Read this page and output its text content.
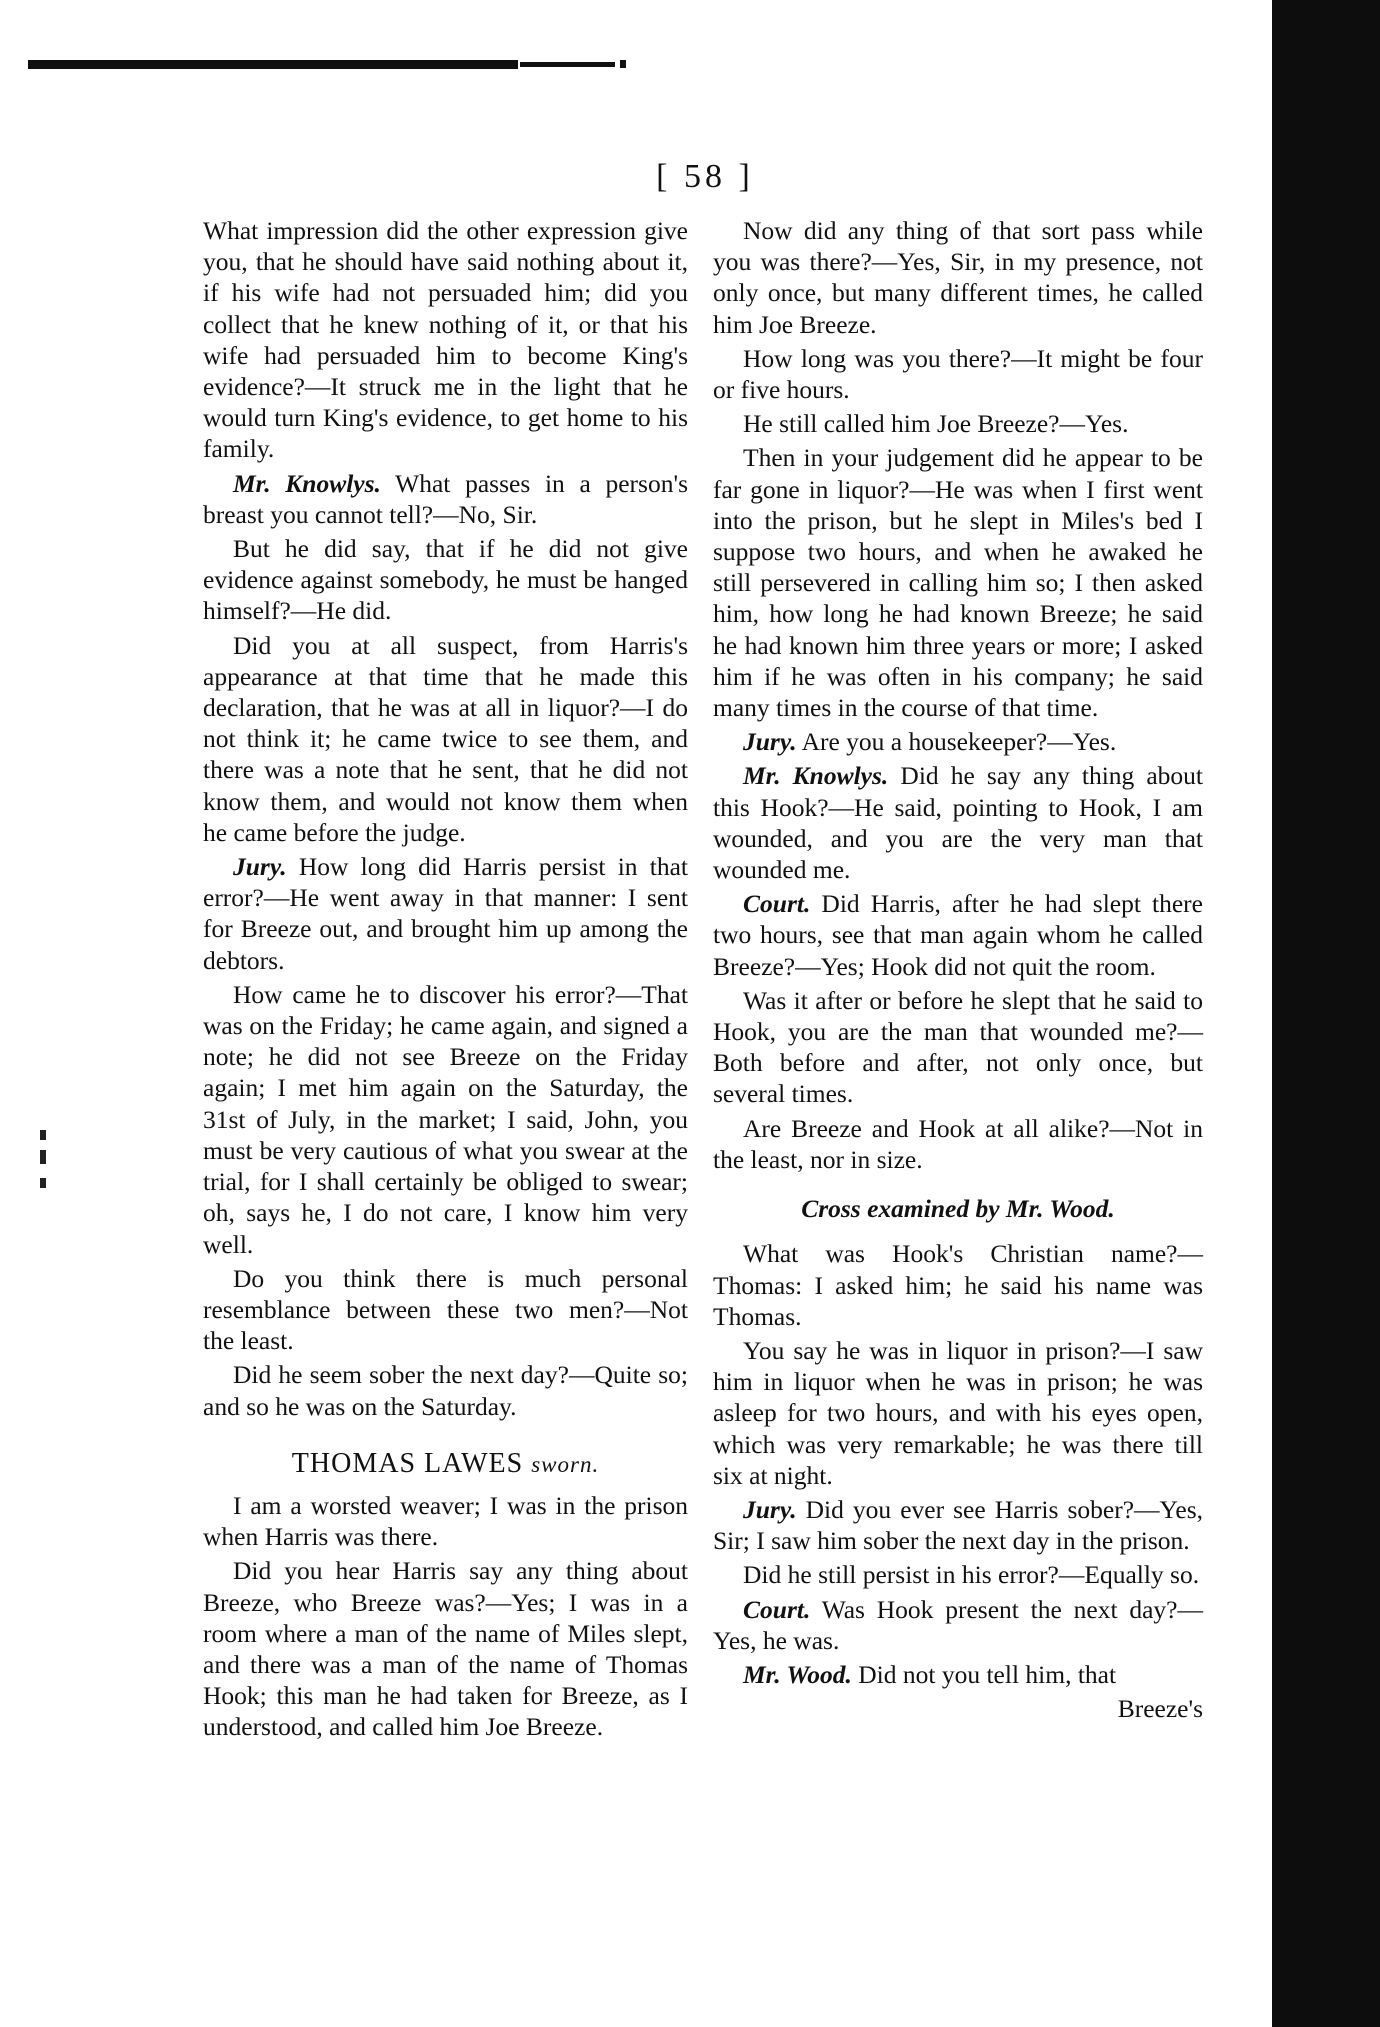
[ 58 ]

What impression did the other expression give you, that he should have said nothing about it, if his wife had not persuaded him; did you collect that he knew nothing of it, or that his wife had persuaded him to become King's evidence?—It struck me in the light that he would turn King's evidence, to get home to his family.

Mr. Knowlys. What passes in a person's breast you cannot tell?—No, Sir.

But he did say, that if he did not give evidence against somebody, he must be hanged himself?—He did.

Did you at all suspect, from Harris's appearance at that time that he made this declaration, that he was at all in liquor?—I do not think it; he came twice to see them, and there was a note that he sent, that he did not know them, and would not know them when he came before the judge.

Jury. How long did Harris persist in that error?—He went away in that manner: I sent for Breeze out, and brought him up among the debtors.

How came he to discover his error?—That was on the Friday; he came again, and signed a note; he did not see Breeze on the Friday again; I met him again on the Saturday, the 31st of July, in the market; I said, John, you must be very cautious of what you swear at the trial, for I shall certainly be obliged to swear; oh, says he, I do not care, I know him very well.

Do you think there is much personal resemblance between these two men?—Not the least.

Did he seem sober the next day?—Quite so; and so he was on the Saturday.

THOMAS LAWES sworn.

I am a worsted weaver; I was in the prison when Harris was there.

Did you hear Harris say any thing about Breeze, who Breeze was?—Yes; I was in a room where a man of the name of Miles slept, and there was a man of the name of Thomas Hook; this man he had taken for Breeze, as I understood, and called him Joe Breeze.

Now did any thing of that sort pass while you was there?—Yes, Sir, in my presence, not only once, but many different times, he called him Joe Breeze.

How long was you there?—It might be four or five hours.

He still called him Joe Breeze?—Yes.

Then in your judgement did he appear to be far gone in liquor?—He was when I first went into the prison, but he slept in Miles's bed I suppose two hours, and when he awaked he still persevered in calling him so; I then asked him, how long he had known Breeze; he said he had known him three years or more; I asked him if he was often in his company; he said many times in the course of that time.

Jury. Are you a housekeeper?—Yes.

Mr. Knowlys. Did he say any thing about this Hook?—He said, pointing to Hook, I am wounded, and you are the very man that wounded me.

Court. Did Harris, after he had slept there two hours, see that man again whom he called Breeze?—Yes; Hook did not quit the room.

Was it after or before he slept that he said to Hook, you are the man that wounded me?—Both before and after, not only once, but several times.

Are Breeze and Hook at all alike?—Not in the least, nor in size.

Cross examined by Mr. Wood.

What was Hook's Christian name?—Thomas: I asked him; he said his name was Thomas.

You say he was in liquor in prison?—I saw him in liquor when he was in prison; he was asleep for two hours, and with his eyes open, which was very remarkable; he was there till six at night.

Jury. Did you ever see Harris sober?—Yes, Sir; I saw him sober the next day in the prison.

Did he still persist in his error?—Equally so.

Court. Was Hook present the next day?—Yes, he was.

Mr. Wood. Did not you tell him, that

Breeze's
